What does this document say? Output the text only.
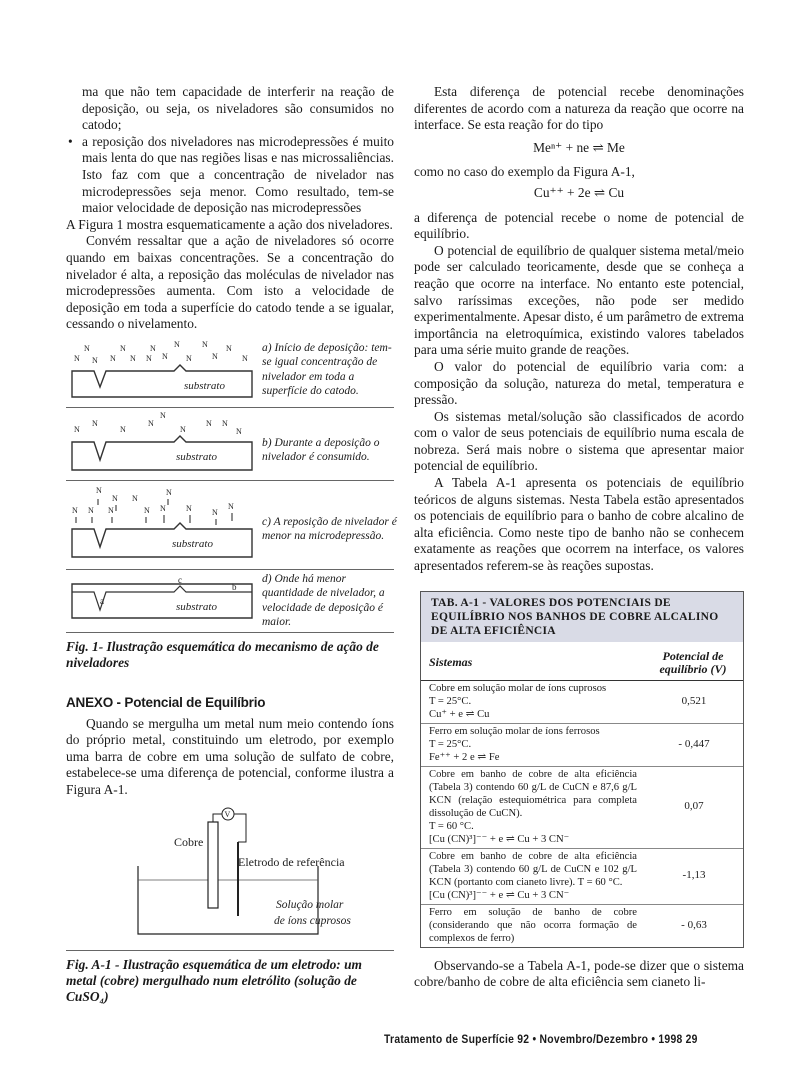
ma que não tem capacidade de interferir na reação de deposição, ou seja, os niveladores são consumidos no catodo;
• a reposição dos niveladores nas microdepressões é muito mais lenta do que nas regiões lisas e nas microssaliências. Isto faz com que a concentração de nivelador nas microdepressões seja menor. Como resultado, tem-se maior velocidade de deposição nas microdepressões

A Figura 1 mostra esquematicamente a ação dos niveladores.

Convém ressaltar que a ação de niveladores só ocorre quando em baixas concentrações. Se a concentração do nivelador é alta, a reposição das moléculas de nivelador nas microdepressões aumenta. Com isto a velocidade de deposição em toda a superfície do catodo tende a se igualar, cessando o nivelamento.

N	N	N N	N N
N N N N N N N	N	N
substrato
a) Início de deposição: tem-se igual concentração de nivelador em toda a superfície do catodo.
N
N
N
N
N
N
N N
N
substrato
b) Durante a deposição o nivelador é consumido.
N
N
N
N
N N N	N N	N	N
N
substrato
c) A reposição de nivelador é menor na microdepressão.
a
c
b
substrato
d) Onde há menor quantidade de nivelador, a velocidade de deposição é maior.
Fig. 1- Ilustração esquemática do mecanismo de ação de niveladores
ANEXO - Potencial de Equilíbrio

Quando se mergulha um metal num meio contendo íons do próprio metal, constituindo um eletrodo, por exemplo uma barra de cobre em uma solução de sulfato de cobre, estabelece-se uma diferença de potencial, conforme ilustra a Figura A-1.

V
Cobre
Eletrodo de referência
Solução molar
de íons cuprosos
Fig. A-1 - Ilustração esquemática de um eletrodo: um metal (cobre) mergulhado num eletrólito (solução de CuSO₄)

Esta diferença de potencial recebe denominações diferentes de acordo com a natureza da reação que ocorre na interface. Se esta reação for do tipo

Meⁿ⁺ + ne ⇌ Me

como no caso do exemplo da Figura A-1,

Cu⁺⁺ + 2e ⇌ Cu

a diferença de potencial recebe o nome de potencial de equilíbrio.

O potencial de equilíbrio de qualquer sistema metal/meio pode ser calculado teoricamente, desde que se conheça a reação que ocorre na interface. No entanto este potencial, salvo raríssimas exceções, não pode ser medido experimentalmente. Apesar disto, é um parâmetro de extrema importância na eletroquímica, existindo valores tabelados para uma série muito grande de reações.

O valor do potencial de equilíbrio varia com: a composição da solução, natureza do metal, temperatura e pressão.

Os sistemas metal/solução são classificados de acordo com o valor de seus potenciais de equilíbrio numa escala de nobreza. Será mais nobre o sistema que apresentar maior potencial de equilíbrio.

A Tabela A-1 apresenta os potenciais de equilíbrio teóricos de alguns sistemas. Nesta Tabela estão apresentados os potenciais de equilíbrio para o banho de cobre alcalino de alta eficiência. Como neste tipo de banho não se conhecem exatamente as reações que ocorrem na interface, os valores apresentados referem-se às reações supostas.

TAB. A-1 - VALORES DOS POTENCIAIS DE EQUILÍBRIO NOS BANHOS DE COBRE ALCALINO DE ALTA EFICIÊNCIA
Sistemas	Potencial de equilíbrio (V)

Cobre em solução molar de íons cuprosos
T = 25°C.
Cu⁺ + e ⇌ Cu	0,521

Ferro em solução molar de íons ferrosos
T = 25°C.
Fe⁺⁺ + 2 e ⇌ Fe	- 0,447

Cobre em banho de cobre de alta eficiência (Tabela 3) contendo 60 g/L de CuCN e 87,6 g/L KCN (relação estequiométrica para completa dissolução de CuCN).
T = 60 °C.
[Cu (CN)³]⁻⁻ + e ⇌ Cu + 3 CN⁻	0,07

Cobre em banho de cobre de alta eficiência (Tabela 3) contendo 60 g/L de CuCN e 102 g/L KCN (portanto com cianeto livre). T = 60 °C.
[Cu (CN)³]⁻⁻ + e ⇌ Cu + 3 CN⁻	-1,13

Ferro em solução de banho de cobre (considerando que não ocorra formação de complexos de ferro)	- 0,63

Observando-se a Tabela A-1, pode-se dizer que o sistema cobre/banho de cobre de alta eficiência sem cianeto li-

Tratamento de Superfície 92 • Novembro/Dezembro • 1998 29
